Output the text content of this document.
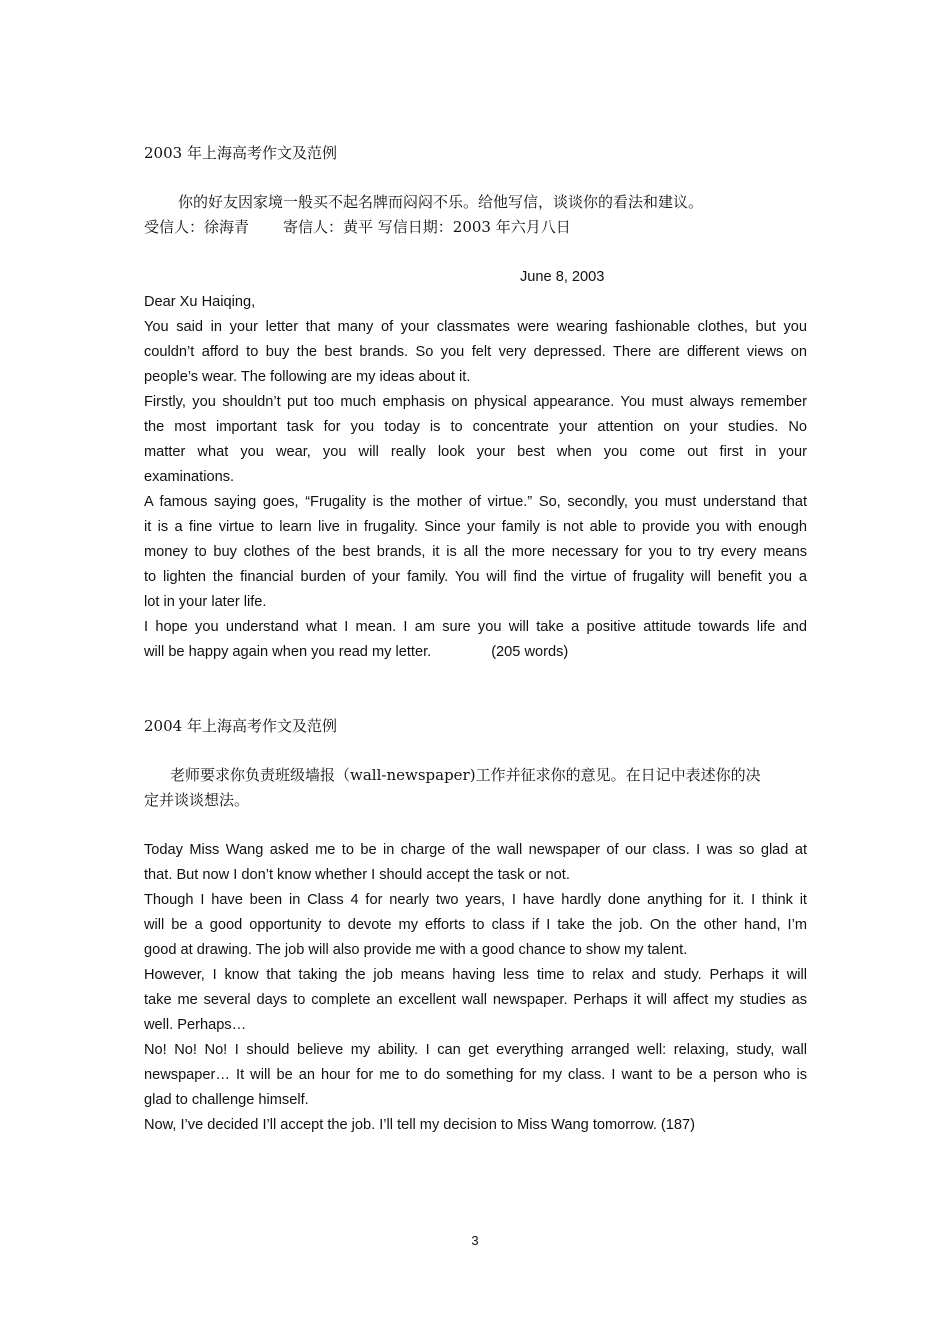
2003 年上海高考作文及范例
你的好友因家境一般买不起名牌而闷闷不乐。给他写信，谈谈你的看法和建议。
受信人：徐海青 寄信人：黄平 写信日期：2003 年六月八日
June 8, 2003
Dear Xu Haiqing,
You said in your letter that many of your classmates were wearing fashionable clothes, but you
couldn’t afford to buy the best brands. So you felt very depressed. There are different views on
people’s wear. The following are my ideas about it.
Firstly, you shouldn’t put too much emphasis on physical appearance. You must always remember
the most important task for you today is to concentrate your attention on your studies. No
matter what you wear, you will really look your best when you come out first in your
examinations.
A famous saying goes, “Frugality is the mother of virtue.” So, secondly, you must understand that
it is a fine virtue to learn live in frugality. Since your family is not able to provide you with enough
money to buy clothes of the best brands, it is all the more necessary for you to try every means
to lighten the financial burden of your family. You will find the virtue of frugality will benefit you a
lot in your later life.
I hope you understand what I mean. I am sure you will take a positive attitude towards life and
will be happy again when you read my letter.	(205 words)
2004 年上海高考作文及范例
老师要求你负责班级墙报（wall-newspaper)工作并征求你的意见。在日记中表述你的决
定并谈谈想法。
Today Miss Wang asked me to be in charge of the wall newspaper of our class. I was so glad at
that. But now I don’t know whether I should accept the task or not.
Though I have been in Class 4 for nearly two years, I have hardly done anything for it. I think it
will be a good opportunity to devote my efforts to class if I take the job. On the other hand, I’m
good at drawing. The job will also provide me with a good chance to show my talent.
However, I know that taking the job means having less time to relax and study. Perhaps it will
take me several days to complete an excellent wall newspaper. Perhaps it will affect my studies as
well. Perhaps…
No! No! No! I should believe my ability. I can get everything arranged well: relaxing, study, wall
newspaper… It will be an hour for me to do something for my class. I want to be a person who is
glad to challenge himself.
Now, I’ve decided I’ll accept the job. I’ll tell my decision to Miss Wang tomorrow. (187)
3
